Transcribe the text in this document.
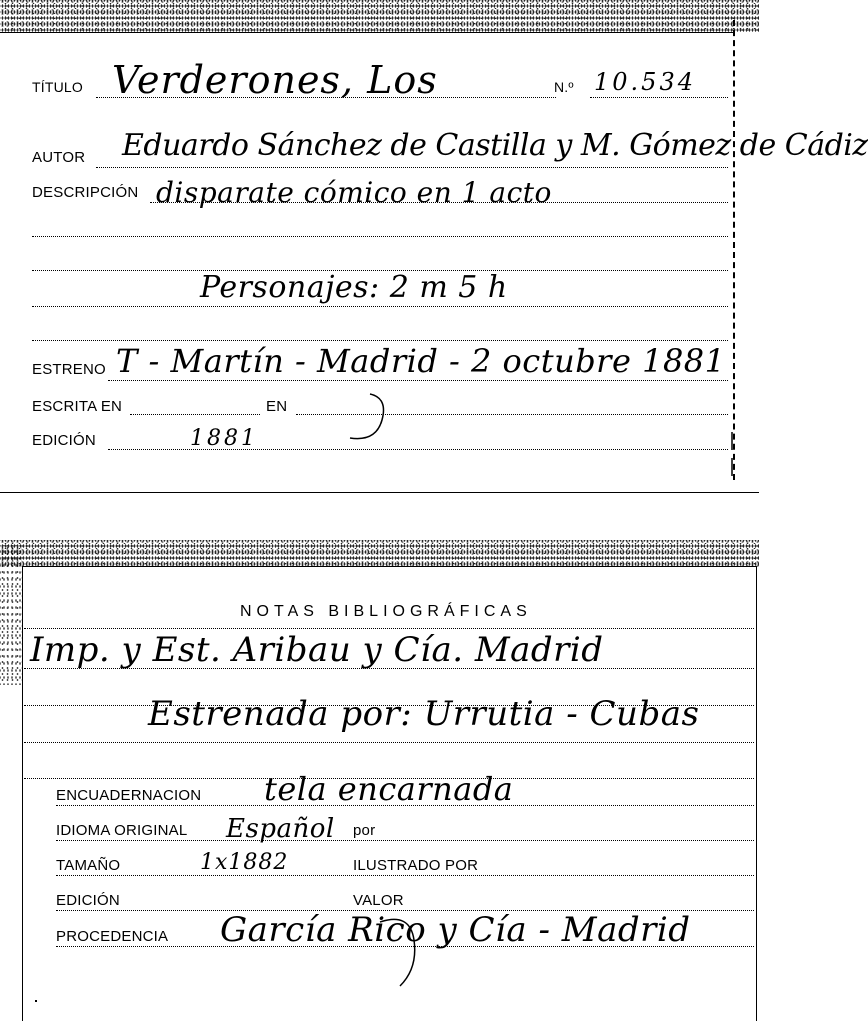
TÍTULO Verderones, Los	N.º 10.534
AUTOR Eduardo Sánchez de Castilla y M. Gómez de Cádiz
DESCRIPCIÓN disparate cómico en 1 acto
Personajes: 2 m 5 h
ESTRENO T - Martín - Madrid - 2 octubre 1881
ESCRITA EN	EN
EDICIÓN	1881
NOTAS BIBLIOGRÁFICAS
Imp. y Est. Aribau y Cía. Madrid
Estrenada por: Urrutia - Cubas
ENCUADERNACION tela encarnada
IDIOMA ORIGINAL Español por
TAMAÑO	1x1882	ILUSTRADO POR
EDICIÓN	VALOR
PROCEDENCIA García Rico y Cía - Madrid
